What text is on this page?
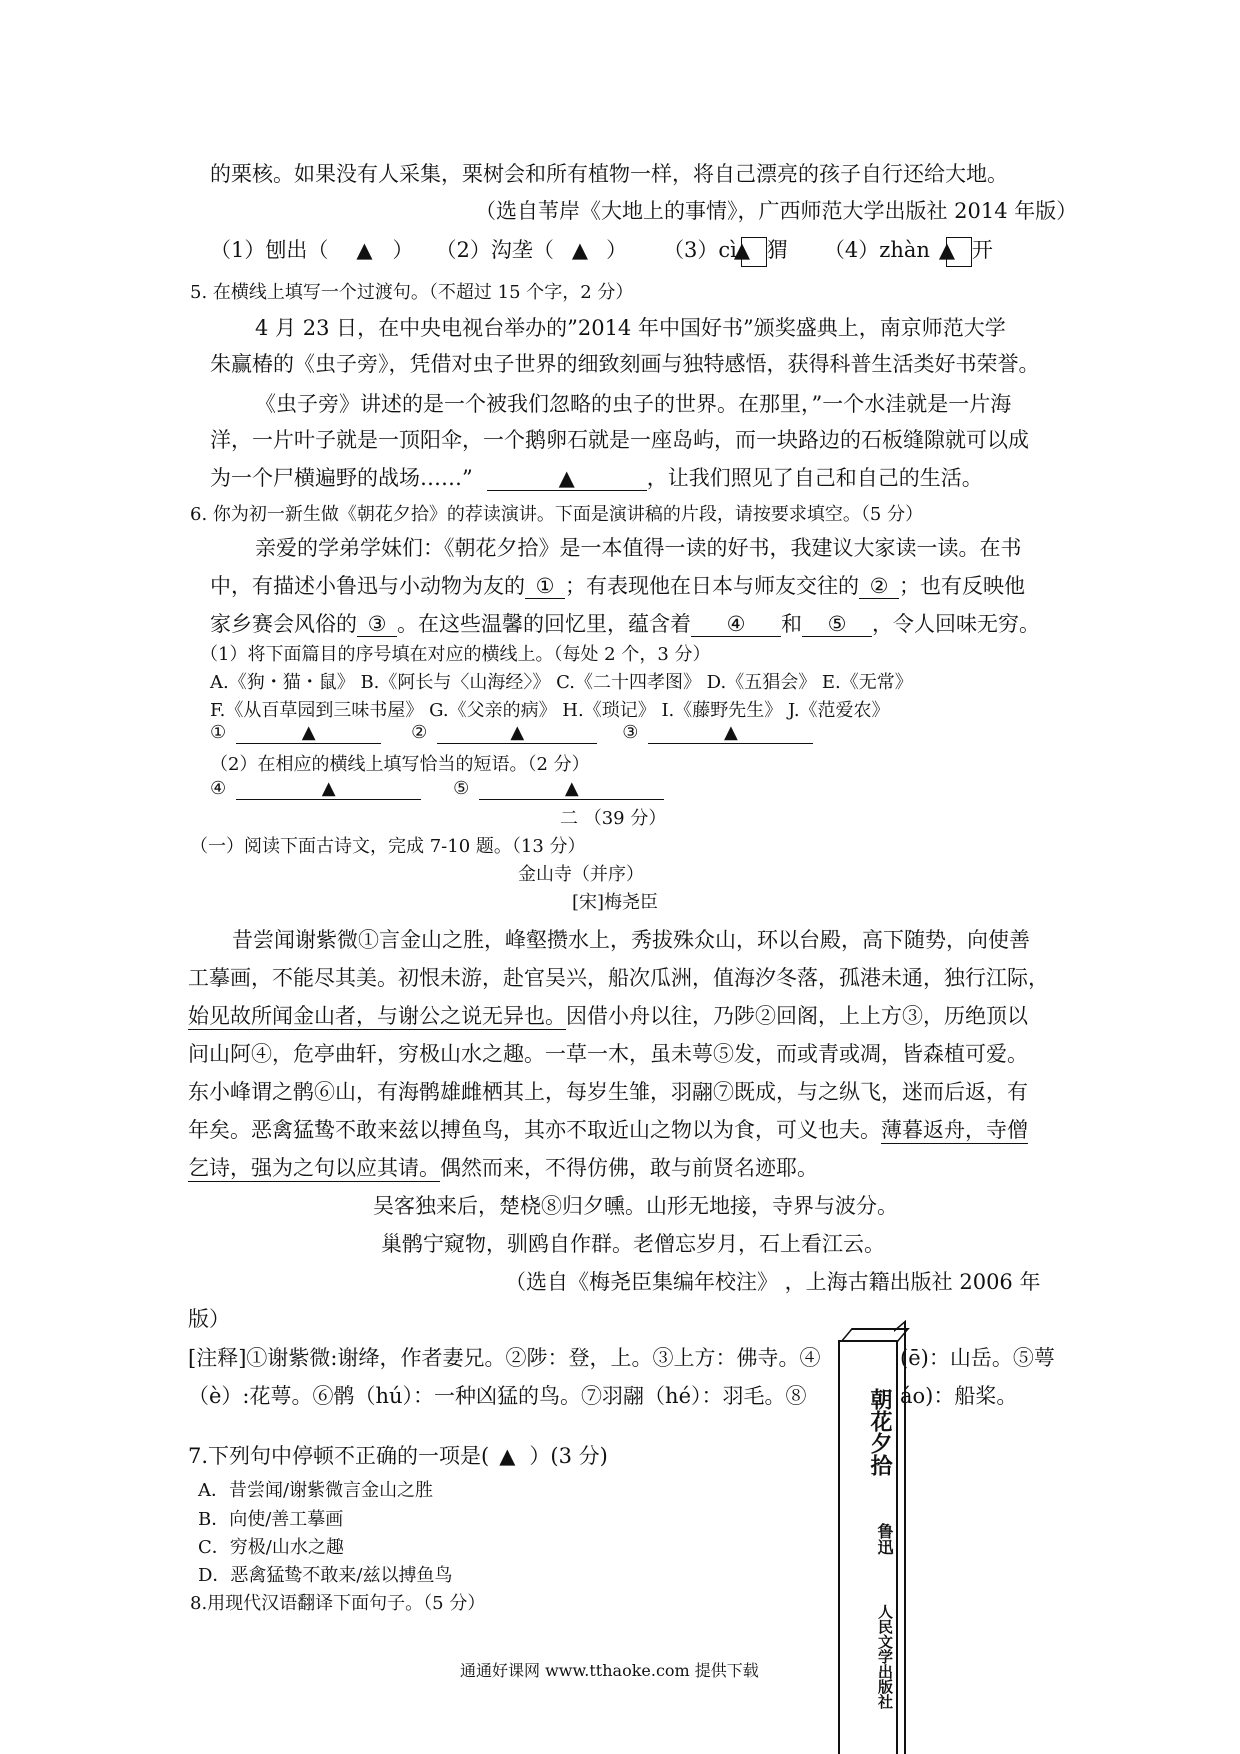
的栗核。如果没有人采集，栗树会和所有植物一样，将自己漂亮的孩子自行还给大地。
（选自苇岸《大地上的事情》，广西师范大学出版社 2014 年版）
（1）刨出（ ▲ ） （2）沟垄（ ▲ ） （3）cì
▲ 猬 （4）zhàn ▲ 开
5. 在横线上填写一个过渡句。（不超过 15 个字，2 分）
4 月 23 日，在中央电视台举办的”2014 年中国好书”颁奖盛典上，南京师范大学
朱赢椿的《虫子旁》，凭借对虫子世界的细致刻画与独特感悟，获得科普生活类好书荣誉。
《虫子旁》讲述的是一个被我们忽略的虫子的世界。在那里，”一个水洼就是一片海
洋，一片叶子就是一顶阳伞，一个鹅卵石就是一座岛屿，而一块路边的石板缝隙就可以成
为一个尸横遍野的战场……”	▲	，让我们照见了自己和自己的生活。
6. 你为初一新生做《朝花夕拾》的荐读演讲。下面是演讲稿的片段，请按要求填空。（5 分）
亲爱的学弟学妹们：《朝花夕拾》是一本值得一读的好书，我建议大家读一读。在书
中，有描述小鲁迅与小动物为友的 ① ；有表现他在日本与师友交往的 ② ；也有反映他
家乡赛会风俗的 ③ 。在这些温馨的回忆里，蕴含着 ④ 和 ⑤ ，令人回味无穷。
（1）将下面篇目的序号填在对应的横线上。（每处 2 个，3 分）
A.《狗・猫・鼠》 B.《阿长与〈山海经〉》 C.《二十四孝图》 D.《五猖会》 E.《无常》
F.《从百草园到三味书屋》 G.《父亲的病》 H.《琐记》 I.《藤野先生》 J.《范爱农》
①	▲	②	▲	③	▲
（2）在相应的横线上填写恰当的短语。（2 分）
④	▲	⑤	▲
二 （39 分）
（一）阅读下面古诗文，完成 7-10 题。（13 分）
金山寺（并序）
[宋]梅尧臣
昔尝闻谢紫微①言金山之胜，峰壑攒水上，秀拔殊众山，环以台殿，高下随势，向使善
工摹画，不能尽其美。初恨未游，赴官吴兴，船次瓜洲，值海汐冬落，孤港未通，独行江际，
始见故所闻金山者，与谢公之说无异也。因借小舟以往，乃陟②回阁，上上方③，历绝顶以
问山阿④，危亭曲轩，穷极山水之趣。一草一木，虽未萼⑤发，而或青或凋，皆森植可爱。
东小峰谓之鹘⑥山，有海鹘雄雌栖其上，每岁生雏，羽翮⑦既成，与之纵飞，迷而后返，有
年矣。恶禽猛鸷不敢来兹以搏鱼鸟，其亦不取近山之物以为食，可义也夫。薄暮返舟，寺僧
乞诗，强为之句以应其请。偶然而来，不得仿佛，敢与前贤名迹耶。
吴客独来后，楚桡⑧归夕曛。山形无地接，寺界与波分。
巢鹘宁窥物，驯鸥自作群。老僧忘岁月，石上看江云。
（选自《梅尧臣集编年校注》 ，上海古籍出版社 2006 年
版）
[注释]①谢紫微:谢绛，作者妻兄。②陟：登，上。③上方：佛寺。④	(ē)：山岳。⑤萼
（è）:花萼。⑥鹘（hú）：一种凶猛的鸟。⑦羽翮（hé）：羽毛。⑧	áo)：船桨。
7.下列句中停顿不正确的一项是( ▲ ）(3 分)
A．昔尝闻/谢紫微言金山之胜
B．向使/善工摹画
C．穷极/山水之趣
D．恶禽猛鸷不敢来/兹以搏鱼鸟
8.用现代汉语翻译下面句子。（5 分）
通通好课网 www.tthaoke.com 提供下载
朝花夕拾
鲁迅
人民文学出版社
